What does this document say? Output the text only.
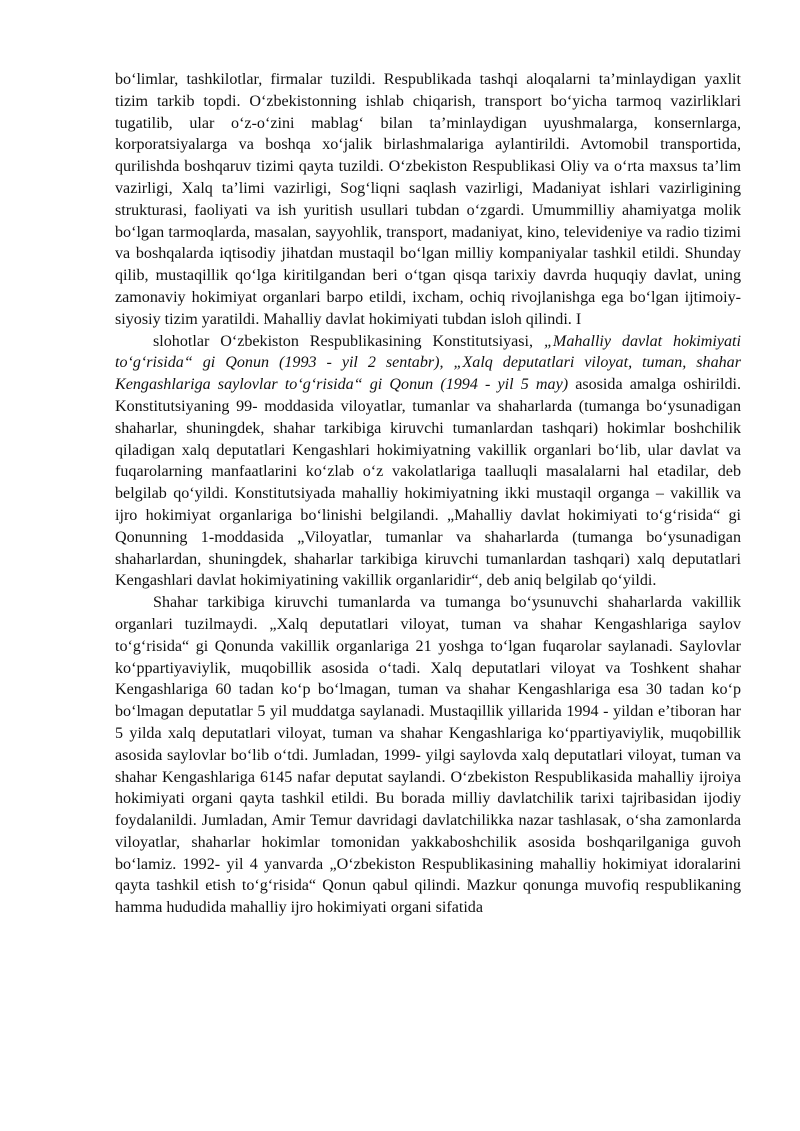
bo‘limlar, tashkilotlar, firmalar tuzildi. Respublikada tashqi aloqalarni ta’minlaydigan yaxlit tizim tarkib topdi. O‘zbekistonning ishlab chiqarish, transport bo‘yicha tarmoq vazirliklari tugatilib, ular o‘z-o‘zini mablag‘ bilan ta’minlaydigan uyushmalarga, konsernlarga, korporatsiyalarga va boshqa xo‘jalik birlashmalariga aylantirildi. Avtomobil transportida, qurilishda boshqaruv tizimi qayta tuzildi. O‘zbekiston Respublikasi Oliy va o‘rta maxsus ta’lim vazirligi, Xalq ta’limi vazirligi, Sog‘liqni saqlash vazirligi, Madaniyat ishlari vazirligining strukturasi, faoliyati va ish yuritish usullari tubdan o‘zgardi. Umummilliy ahamiyatga molik bo‘lgan tarmoqlarda, masalan, sayyohlik, transport, madaniyat, kino, televideniye va radio tizimi va boshqalarda iqtisodiy jihatdan mustaqil bo‘lgan milliy kompaniyalar tashkil etildi. Shunday qilib, mustaqillik qo‘lga kiritilgandan beri o‘tgan qisqa tarixiy davrda huquqiy davlat, uning zamonaviy hokimiyat organlari barpo etildi, ixcham, ochiq rivojlanishga ega bo‘lgan ijtimoiy-siyosiy tizim yaratildi. Mahalliy davlat hokimiyati tubdan isloh qilindi. I

slohotlar O‘zbekiston Respublikasining Konstitutsiyasi, „Mahalliy davlat hokimiyati to‘g‘risida“ gi Qonun (1993 - yil 2 sentabr), „Xalq deputatlari viloyat, tuman, shahar Kengashlariga saylovlar to‘g‘risida“ gi Qonun (1994 - yil 5 may) asosida amalga oshirildi. Konstitutsiyaning 99- moddasida viloyatlar, tumanlar va shaharlarda (tumanga bo‘ysunadigan shaharlar, shuningdek, shahar tarkibiga kiruvchi tumanlardan tashqari) hokimlar boshchilik qiladigan xalq deputatlari Kengashlari hokimiyatning vakillik organlari bo‘lib, ular davlat va fuqarolarning manfaatlarini ko‘zlab o‘z vakolatlariga taalluqli masalalarni hal etadilar, deb belgilab qo‘yildi. Konstitutsiyada mahalliy hokimiyatning ikki mustaqil organga – vakillik va ijro hokimiyat organlariga bo‘linishi belgilandi. „Mahalliy davlat hokimiyati to‘g‘risida“ gi Qonunning 1-moddasida „Viloyatlar, tumanlar va shaharlarda (tumanga bo‘ysunadigan shaharlardan, shuningdek, shaharlar tarkibiga kiruvchi tumanlardan tashqari) xalq deputatlari Kengashlari davlat hokimiyatining vakillik organlaridir“, deb aniq belgilab qo‘yildi.

Shahar tarkibiga kiruvchi tumanlarda va tumanga bo‘ysunuvchi shaharlarda vakillik organlari tuzilmaydi. „Xalq deputatlari viloyat, tuman va shahar Kengashlariga saylov to‘g‘risida“ gi Qonunda vakillik organlariga 21 yoshga to‘lgan fuqarolar saylanadi. Saylovlar ko‘ppartiyaviylik, muqobillik asosida o‘tadi. Xalq deputatlari viloyat va Toshkent shahar Kengashlariga 60 tadan ko‘p bo‘lmagan, tuman va shahar Kengashlariga esa 30 tadan ko‘p bo‘lmagan deputatlar 5 yil muddatga saylanadi. Mustaqillik yillarida 1994 - yildan e’tiboran har 5 yilda xalq deputatlari viloyat, tuman va shahar Kengashlariga ko‘ppartiyaviylik, muqobillik asosida saylovlar bo‘lib o‘tdi. Jumladan, 1999- yilgi saylovda xalq deputatlari viloyat, tuman va shahar Kengashlariga 6145 nafar deputat saylandi. O‘zbekiston Respublikasida mahalliy ijroiya hokimiyati organi qayta tashkil etildi. Bu borada milliy davlatchilik tarixi tajribasidan ijodiy foydalanildi. Jumladan, Amir Temur davridagi davlatchilikka nazar tashlasak, o‘sha zamonlarda viloyatlar, shaharlar hokimlar tomonidan yakkaboshchilik asosida boshqarilganiga guvoh bo‘lamiz. 1992- yil 4 yanvarda „O‘zbekiston Respublikasining mahalliy hokimiyat idoralarini qayta tashkil etish to‘g‘risida“ Qonun qabul qilindi. Mazkur qonunga muvofiq respublikaning hamma hududida mahalliy ijro hokimiyati organi sifatida
